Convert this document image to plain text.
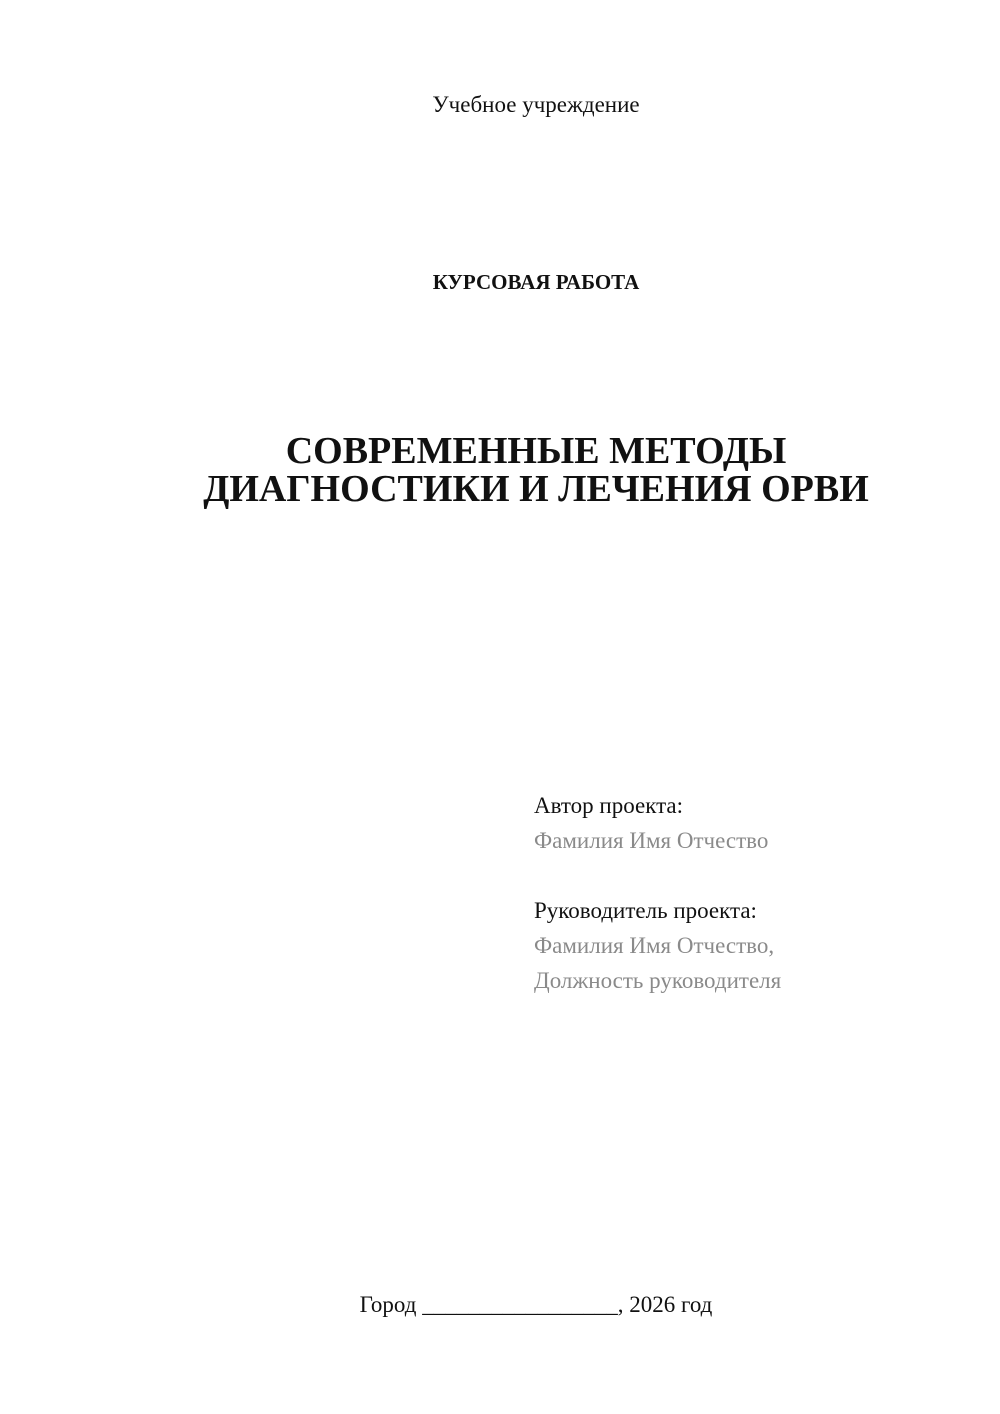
Учебное учреждение
КУРСОВАЯ РАБОТА
СОВРЕМЕННЫЕ МЕТОДЫ
ДИАГНОСТИКИ И ЛЕЧЕНИЯ ОРВИ
Автор проекта:
Фамилия Имя Отчество
Руководитель проекта:
Фамилия Имя Отчество,
Должность руководителя
Город _________________, 2026 год
